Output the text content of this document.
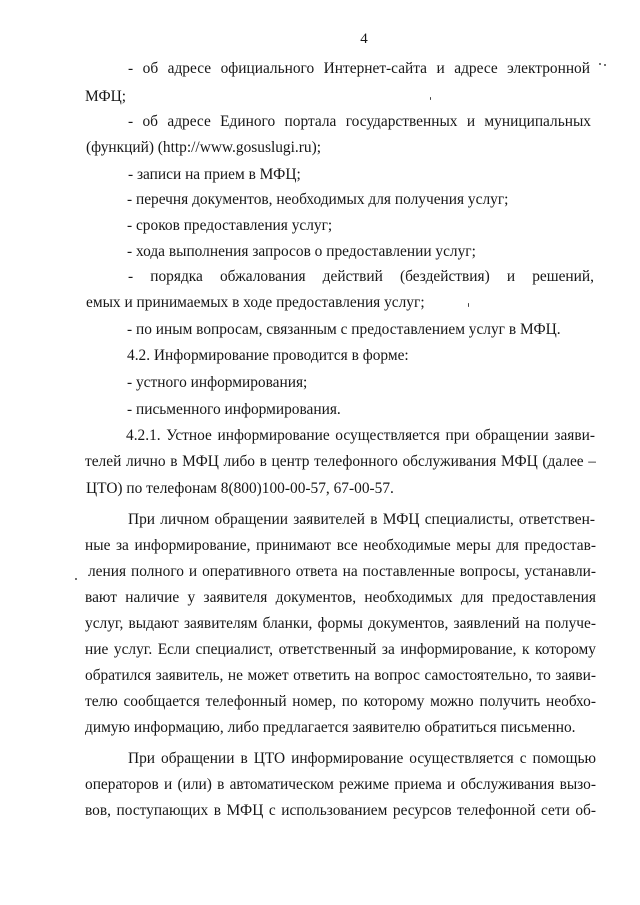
4
- об адресе официального Интернет-сайта и адресе электронной
МФЦ;
- об адресе Единого портала государственных и муниципальных
(функций) (http://www.gosuslugi.ru);
- записи на прием в МФЦ;
- перечня документов, необходимых для получения услуг;
- сроков предоставления услуг;
- хода выполнения запросов о предоставлении услуг;
- порядка обжалования действий (бездействия) и решений,
емых и принимаемых в ходе предоставления услуг;
- по иным вопросам, связанным с предоставлением услуг в МФЦ.
4.2. Информирование проводится в форме:
- устного информирования;
- письменного информирования.
4.2.1. Устное информирование осуществляется при обращении заяви-
телей лично в МФЦ либо в центр телефонного обслуживания МФЦ (далее –
ЦТО) по телефонам 8(800)100-00-57, 67-00-57.
При личном обращении заявителей в МФЦ специалисты, ответствен-
ные за информирование, принимают все необходимые меры для предостав-
ления полного и оперативного ответа на поставленные вопросы, устанавли-
вают наличие у заявителя документов, необходимых для предоставления
услуг, выдают заявителям бланки, формы документов, заявлений на получе-
ние услуг. Если специалист, ответственный за информирование, к которому
обратился заявитель, не может ответить на вопрос самостоятельно, то заяви-
телю сообщается телефонный номер, по которому можно получить необхо-
димую информацию, либо предлагается заявителю обратиться письменно.
При обращении в ЦТО информирование осуществляется с помощью
операторов и (или) в автоматическом режиме приема и обслуживания вызо-
вов, поступающих в МФЦ с использованием ресурсов телефонной сети об-
